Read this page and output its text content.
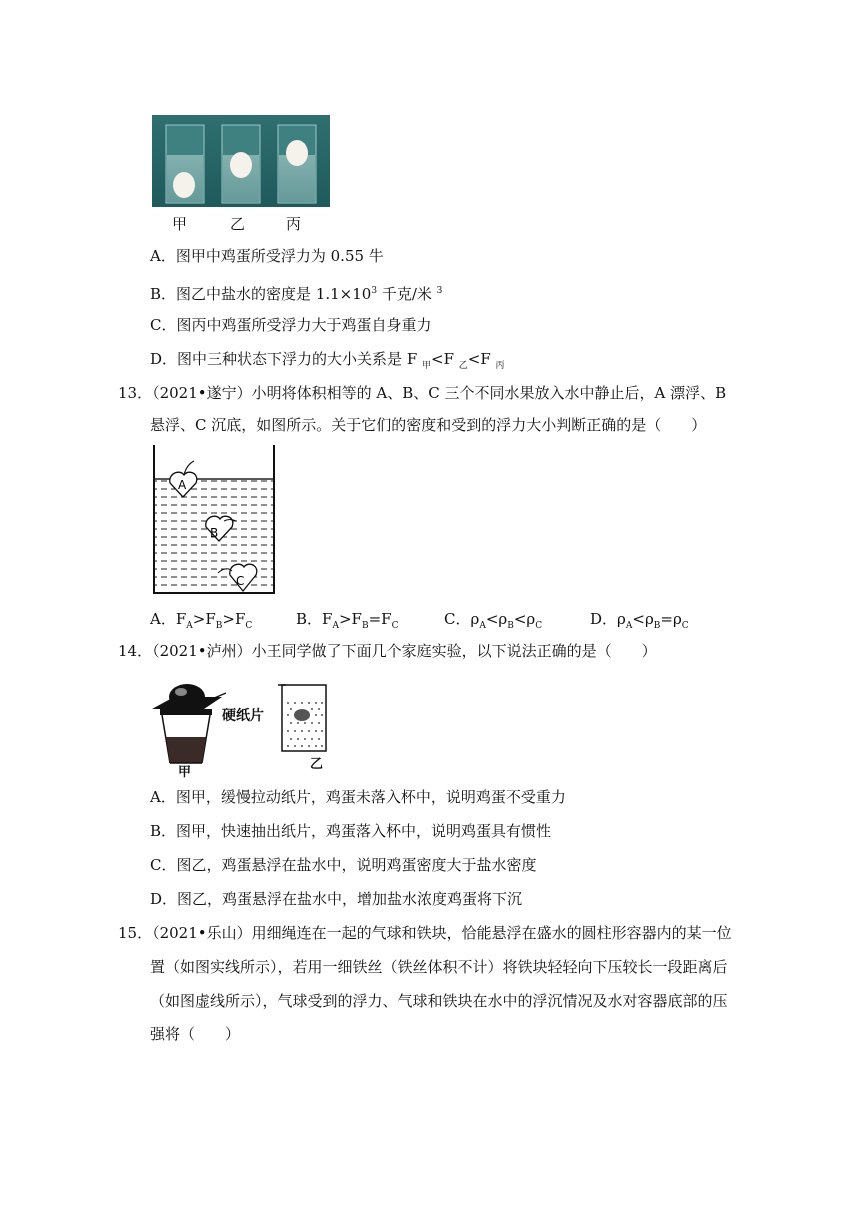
甲	乙	丙
A．图甲中鸡蛋所受浮力为 0.55 牛
B．图乙中盐水的密度是 $1.1\times 10^3$ 千克/米 $^3$
C．图丙中鸡蛋所受浮力大于鸡蛋自身重力
D．图中三种状态下浮力的大小关系是 F $_甲$<F $_乙$<F $_丙$
13．（2021•遂宁）小明将体积相等的 A、B、C 三个不同水果放入水中静止后，A 漂浮、B
悬浮、C 沉底，如图所示。关于它们的密度和受到的浮力大小判断正确的是（　　）
A
B
C
A．$F_A>F_B>F_C$	B．$F_A>F_B=F_C$	C．$\rho_A<\rho_B<\rho_C$	D．$\rho_A<\rho_B=\rho_C$
14．（2021•泸州）小王同学做了下面几个家庭实验，以下说法正确的是（　　）
硬纸片
甲
乙
A．图甲，缓慢拉动纸片，鸡蛋未落入杯中，说明鸡蛋不受重力
B．图甲，快速抽出纸片，鸡蛋落入杯中，说明鸡蛋具有惯性
C．图乙，鸡蛋悬浮在盐水中，说明鸡蛋密度大于盐水密度
D．图乙，鸡蛋悬浮在盐水中，增加盐水浓度鸡蛋将下沉
15．（2021•乐山）用细绳连在一起的气球和铁块，恰能悬浮在盛水的圆柱形容器内的某一位
置（如图实线所示），若用一细铁丝（铁丝体积不计）将铁块轻轻向下压较长一段距离后
（如图虚线所示），气球受到的浮力、气球和铁块在水中的浮沉情况及水对容器底部的压
强将（　　）
